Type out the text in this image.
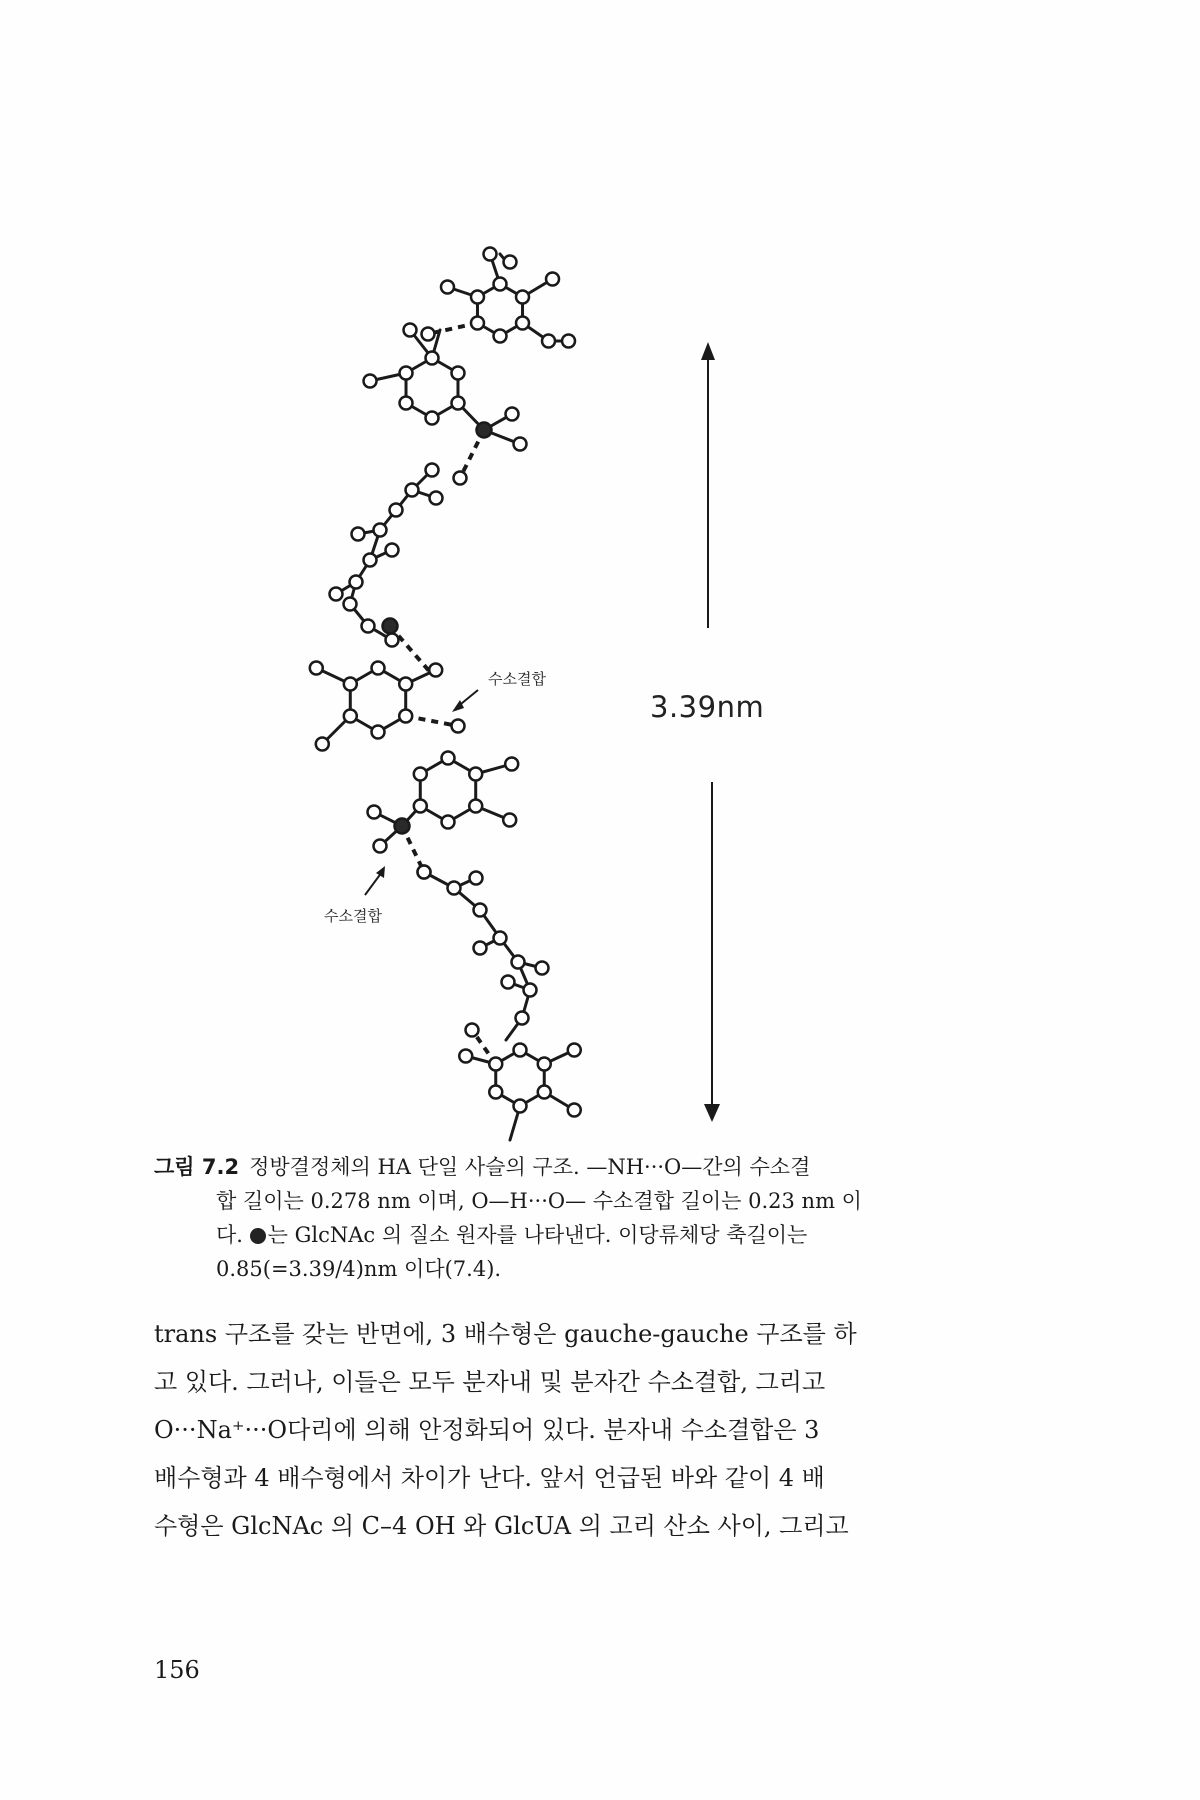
수소결합
수소결합
3.39nm
그림 7.2 정방결정체의 HA 단일 사슬의 구조. —NH···O—간의 수소결
합 길이는 0.278 nm 이며, O—H···O— 수소결합 길이는 0.23 nm 이
다. 는 GlcNAc 의 질소 원자를 나타낸다. 이당류체당 축길이는
0.85(=3.39/4)nm 이다(7.4).
trans 구조를 갖는 반면에, 3 배수형은 gauche-gauche 구조를 하
고 있다. 그러나, 이들은 모두 분자내 및 분자간 수소결합, 그리고
O···Na⁺···O다리에 의해 안정화되어 있다. 분자내 수소결합은 3
배수형과 4 배수형에서 차이가 난다. 앞서 언급된 바와 같이 4 배
수형은 GlcNAc 의 C–4 OH 와 GlcUA 의 고리 산소 사이, 그리고
156
